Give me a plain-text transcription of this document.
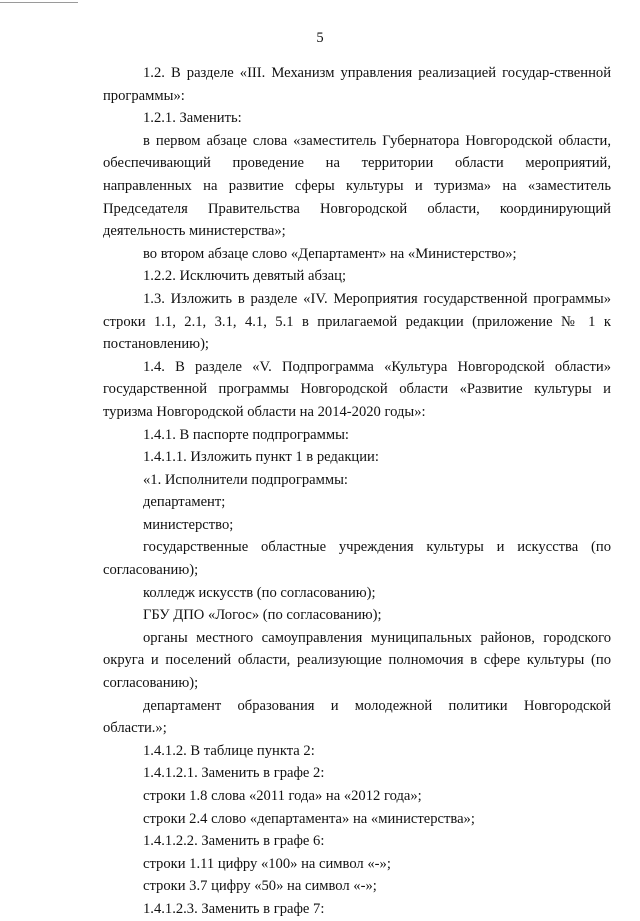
5

1.2. В разделе «III. Механизм управления реализацией государ-ственной программы»:

1.2.1. Заменить:

в первом абзаце слова «заместитель Губернатора Новгородской области, обеспечивающий проведение на территории области мероприятий, направленных на развитие сферы культуры и туризма» на «заместитель Председателя Правительства Новгородской области, координирующий деятельность министерства»;

во втором абзаце слово «Департамент» на «Министерство»;

1.2.2. Исключить девятый абзац;

1.3. Изложить в разделе «IV. Мероприятия государственной программы» строки 1.1, 2.1, 3.1, 4.1, 5.1 в прилагаемой редакции (приложение № 1 к постановлению);

1.4. В разделе «V. Подпрограмма «Культура Новгородской области» государственной программы Новгородской области «Развитие культуры и туризма Новгородской области на 2014-2020 годы»:

1.4.1. В паспорте подпрограммы:

1.4.1.1. Изложить пункт 1 в редакции:

«1. Исполнители подпрограммы:

департамент;

министерство;

государственные областные учреждения культуры и искусства (по согласованию);

колледж искусств (по согласованию);

ГБУ ДПО «Логос» (по согласованию);

органы местного самоуправления муниципальных районов, городского округа и поселений области, реализующие полномочия в сфере культуры (по согласованию);

департамент образования и молодежной политики Новгородской области.»;

1.4.1.2. В таблице пункта 2:

1.4.1.2.1. Заменить в графе 2:

строки 1.8 слова «2011 года» на «2012 года»;

строки 2.4 слово «департамента» на «министерства»;

1.4.1.2.2. Заменить в графе 6:

строки 1.11 цифру «100» на символ «-»;

строки 3.7 цифру «50» на символ «-»;

1.4.1.2.3. Заменить в графе 7:
